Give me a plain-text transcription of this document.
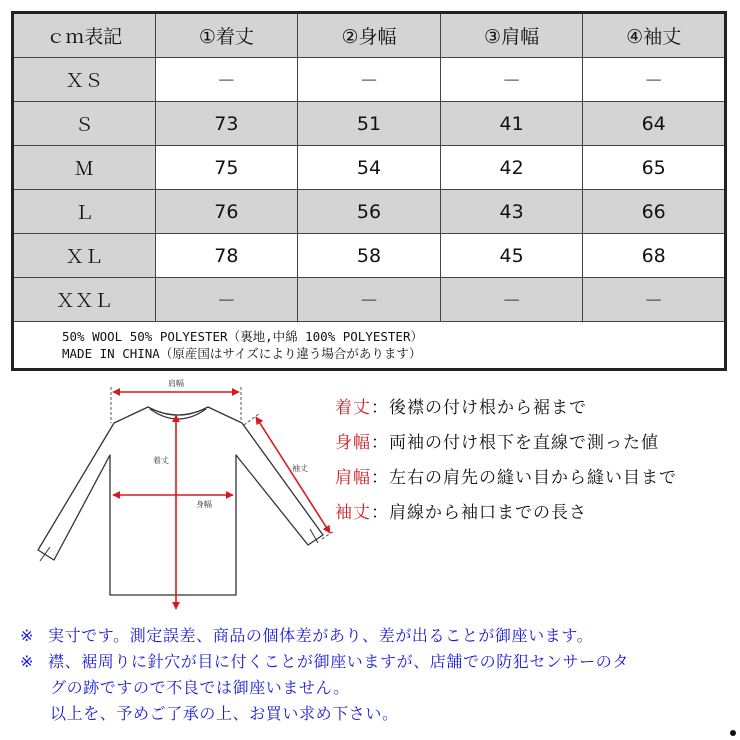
ｃｍ表記	①着丈	②身幅	③肩幅	④袖丈
ＸＳ	－	－	－	－
Ｓ	73	51	41	64
Ｍ	75	54	42	65
Ｌ	76	56	43	66
ＸＬ	78	58	45	68
ＸＸＬ	－	－	－	－

50% WOOL 50% POLYESTER（裏地,中綿 100% POLYESTER）
MADE IN CHINA（原産国はサイズにより違う場合があります）				
肩幅
着丈
身幅
袖丈
着丈：後襟の付け根から裾まで
身幅：両袖の付け根下を直線で測った値
肩幅：左右の肩先の縫い目から縫い目まで
袖丈：肩線から袖口までの長さ
※ 実寸です。測定誤差、商品の個体差があり、差が出ることが御座います。
※ 襟、裾周りに針穴が目に付くことが御座いますが、店舗での防犯センサーのタ
グの跡ですので不良では御座いません。
以上を、予めご了承の上、お買い求め下さい。
